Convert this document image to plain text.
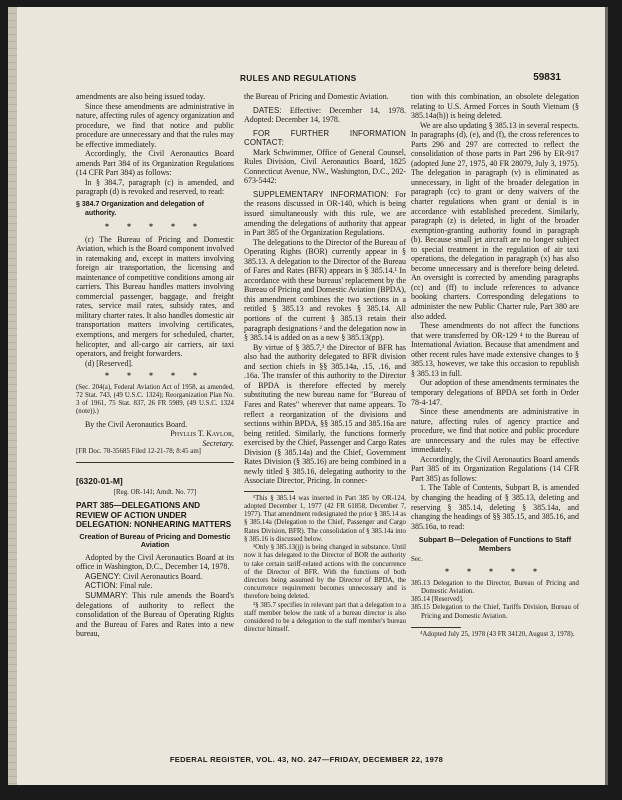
RULES AND REGULATIONS	59831

amendments are also being issued today.

Since these amendments are administrative in nature, affecting rules of agency organization and procedure, we find that notice and public procedure are unnecessary and that the rules may be effective immediately.

Accordingly, the Civil Aeronautics Board amends Part 384 of its Organization Regulations (14 CFR Part 384) as follows:

In § 384.7, paragraph (c) is amended, and paragraph (d) is revoked and reserved, to read:

§ 384.7 Organization and delegation of authority.
* * * * *

(c) The Bureau of Pricing and Domestic Aviation, which is the Board component involved in ratemaking and, except in matters involving foreign air transportation, the licensing and maintenance of competitive conditions among air carriers. This Bureau handles matters involving commercial passenger, baggage, and freight rates, service mail rates, subsidy rates, and military charter rates. It also handles domestic air transportation matters involving certificates, exemptions, and mergers for scheduled, charter, helicopter, and all-cargo air carriers, air taxi operators, and freight forwarders.

(d) [Reserved].

* * * * *

(Sec. 204(a), Federal Aviation Act of 1958, as amended, 72 Stat. 743, (49 U.S.C. 1324); Reorganization Plan No. 3 of 1961, 75 Stat. 837, 26 FR 5989, (49 U.S.C. 1324 (note)).)

By the Civil Aeronautics Board.

Phyllis T. Kaylor,

Secretary.

[FR Doc. 78-35685 Filed 12-21-78; 8:45 am]

[6320-01-M]

[Reg. OR-141; Amdt. No. 77]

PART 385—DELEGATIONS AND REVIEW OF ACTION UNDER DELEGATION: NONHEARING MATTERS
Creation of Bureau of Pricing and Domestic Aviation

Adopted by the Civil Aeronautics Board at its office in Washington, D.C., December 14, 1978.

AGENCY: Civil Aeronautics Board.

ACTION: Final rule.

SUMMARY: This rule amends the Board's delegations of authority to reflect the consolidation of the Bureau of Operating Rights and the Bureau of Fares and Rates into a new bureau,

the Bureau of Pricing and Domestic Aviation.

DATES: Effective: December 14, 1978. Adopted: December 14, 1978.

FOR FURTHER INFORMATION CONTACT:

Mark Schwimmer, Office of General Counsel, Rules Division, Civil Aeronautics Board, 1825 Connecticut Avenue, NW., Washington, D.C., 202-673-5442:

SUPPLEMENTARY INFORMATION: For the reasons discussed in OR-140, which is being issued simultaneously with this rule, we are amending the delegations of authority that appear in Part 385 of the Organization Regulations.

The delegations to the Director of the Bureau of Operating Rights (BOR) currently appear in § 385.13. A delegation to the Director of the Bureau of Fares and Rates (BFR) appears in § 385.14.¹ In accordance with these bureaus' replacement by the Bureau of Pricing and Domestic Aviation (BPDA), this amendment combines the two sections in a retitled § 385.13 and revokes § 385.14. All portions of the current § 385.13 retain their paragraph designations ² and the delegation now in § 385.14 is added on as a new § 385.13(pp).

By virtue of § 385.7,³ the Director of BFR has also had the authority delegated to BFR division and section chiefs in §§ 385.14a, .15, .16, and .16a. The transfer of this authority to the Director of BPDA is therefore effected by merely substituting the new bureau name for "Bureau of Fares and Rates" wherever that name appears. To reflect a reorganization of the divisions and sections within BPDA, §§ 385.15 and 385.16a are being retitled. Similarly, the functions formerly exercised by the Chief, Passenger and Cargo Rates Division (§ 385.14a) and the Chief, Government Rates Division (§ 385.16) are being combined in a newly titled § 385.16, delegating authority to the Associate Director, Pricing. In connec-

¹This § 385.14 was inserted in Part 385 by OR-124, adopted December 1, 1977 (42 FR 61858, December 7, 1977). That amendment redesignated the prior § 385.14 as § 385.14a (Delegation to the Chief, Passenger and Cargo Rates Division, BFR). The consolidation of § 385.14a into § 385.16 is discussed below.

²Only § 385.13(jj) is being changed in substance. Until now it has delegated to the Director of BOR the authority to take certain tariff-related actions with the concurrence of the Director of BFR. With the functions of both directors being assumed by the Director of BPDA, the concurrence requirement becomes unnecessary and is therefore being deleted.

³§ 385.7 specifies in relevant part that a delegation to a staff member below the rank of a bureau director is also considered to be a delegation to the staff member's bureau director himself.

tion with this combination, an obsolete delegation relating to U.S. Armed Forces in South Vietnam (§ 385.14a(h)) is being deleted.

We are also updating § 385.13 in several respects. In paragraphs (d), (e), and (f), the cross references to Parts 296 and 297 are corrected to reflect the consolidation of those parts in Part 296 by ER-917 (adopted June 27, 1975, 40 FR 28079, July 3, 1975). The delegation in paragraph (v) is eliminated as unnecessary, in light of the broader delegation in paragraph (cc) to grant or deny waivers of the charter regulations when grant or denial is in accordance with established precedent. Similarly, paragraph (z) is deleted, in light of the broader exemption-granting authority found in paragraph (b). Because small jet aircraft are no longer subject to special treatment in the regulation of air taxi operations, the delegation in paragraph (x) has also become unnecessary and is therefore being deleted. An oversight is corrected by amending paragraphs (cc) and (ff) to include references to advance booking charters. Corresponding delegations to administer the new Public Charter rule, Part 380 are also added.

These amendments do not affect the functions that were transferred by OR-129 ⁴ to the Bureau of International Aviation. Because that amendment and other recent rules have made extensive changes to § 385.13, however, we take this occasion to republish § 385.13 in full.

Our adoption of these amendments terminates the temporary delegations of BPDA set forth in Order 78-4-147.

Since these amendments are administrative in nature, affecting rules of agency practice and procedure, we find that notice and public procedure are unnecessary and the rules may be effective immediately.

Accordingly, the Civil Aeronautics Board amends Part 385 of its Organization Regulations (14 CFR Part 385) as follows:

1. The Table of Contents, Subpart B, is amended by changing the heading of § 385.13, deleting and reserving § 385.14, deleting § 385.14a, and changing the headings of §§ 385.15, and 385.16, and 385.16a, to read:

Subpart B—Delegation of Functions to Staff Members

Sec.

* * * * *

385.13 Delegation to the Director, Bureau of Pricing and Domestic Aviation.

385.14 [Reserved].

385.15 Delegation to the Chief, Tariffs Division, Bureau of Pricing and Domestic Aviation.

⁴Adopted July 25, 1978 (43 FR 34120, August 3, 1978).

FEDERAL REGISTER, VOL. 43, NO. 247—FRIDAY, DECEMBER 22, 1978
